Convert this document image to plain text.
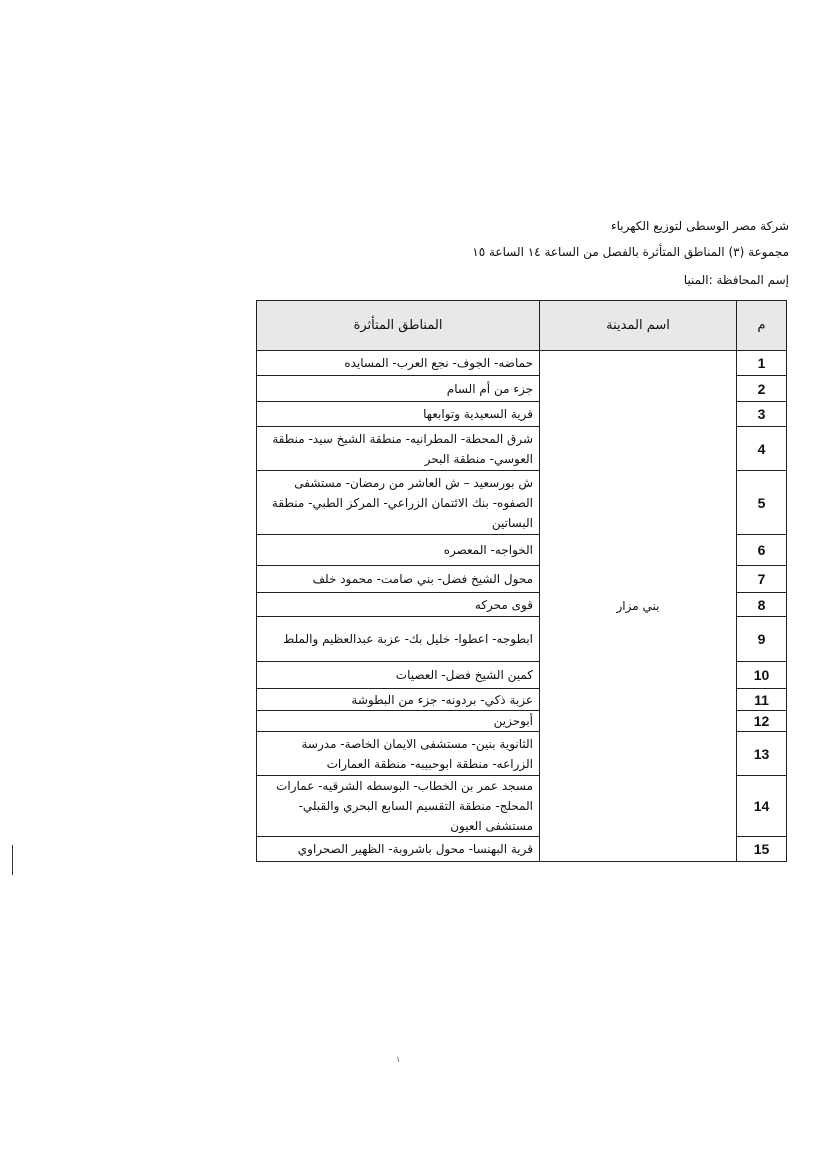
شركة مصر الوسطى لتوزيع الكهرباء
مجموعة (٣) المناطق المتأثرة بالفصل من الساعة ١٤ الساعة ١٥
إسم المحافظة :المنيا
م	اسم المدينة	المناطق المتأثرة
1	بني مزار	حماضه- الجوف- نجع العرب- المسايده
2		جزء من أم السام
3		قرية السعيدية وتوابعها
4		شرق المحطة- المطرانيه- منطقة الشيخ سيد- منطقة العوسي- منطقة البحر
5		ش بورسعيد – ش العاشر من رمضان- مستشفى الصفوه- بنك الائتمان الزراعي- المركز الطبي- منطقة البساتين
6		الخواجه- المعصره
7		محول الشيخ فضل- بني صامت- محمود خلف
8		قوى محركه
9		ابطوجه- اعطوا- خليل بك- عزبة عبدالعظيم والملط
10		كمين الشيخ فضل- العصيات
11		عزبة ذكي- بردونه- جزء من البطوشة
12		أبوحزين
13		الثانوية بنين- مستشفى الايمان الخاصة- مدرسة الزراعه- منطقة ابوحبيبه- منطقة العمارات
14		مسجد عمر بن الخطاب- البوسطه الشرقيه- عمارات المحلج- منطقة التقسيم السابع البحري والقبلي- مستشفى العيون
15		قرية البهنسا- محول باشروبة- الظهير الصحراوي
١
